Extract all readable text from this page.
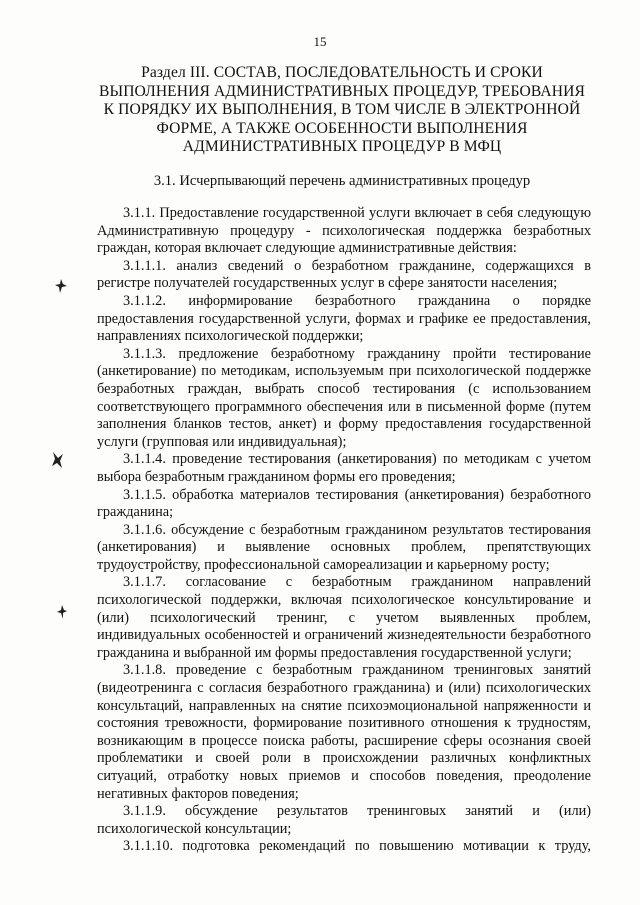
15
Раздел III. СОСТАВ, ПОСЛЕДОВАТЕЛЬНОСТЬ И СРОКИ ВЫПОЛНЕНИЯ АДМИНИСТРАТИВНЫХ ПРОЦЕДУР, ТРЕБОВАНИЯ К ПОРЯДКУ ИХ ВЫПОЛНЕНИЯ, В ТОМ ЧИСЛЕ В ЭЛЕКТРОННОЙ ФОРМЕ, А ТАКЖЕ ОСОБЕННОСТИ ВЫПОЛНЕНИЯ АДМИНИСТРАТИВНЫХ ПРОЦЕДУР В МФЦ
3.1. Исчерпывающий перечень административных процедур

3.1.1. Предоставление государственной услуги включает в себя следующую Административную процедуру - психологическая поддержка безработных граждан, которая включает следующие административные действия:

3.1.1.1. анализ сведений о безработном гражданине, содержащихся в регистре получателей государственных услуг в сфере занятости населения;

3.1.1.2. информирование безработного гражданина о порядке предоставления государственной услуги, формах и графике ее предоставления, направлениях психологической поддержки;

3.1.1.3. предложение безработному гражданину пройти тестирование (анкетирование) по методикам, используемым при психологической поддержке безработных граждан, выбрать способ тестирования (с использованием соответствующего программного обеспечения или в письменной форме (путем заполнения бланков тестов, анкет) и форму предоставления государственной услуги (групповая или индивидуальная);

3.1.1.4. проведение тестирования (анкетирования) по методикам с учетом выбора безработным гражданином формы его проведения;

3.1.1.5. обработка материалов тестирования (анкетирования) безработного гражданина;

3.1.1.6. обсуждение с безработным гражданином результатов тестирования (анкетирования) и выявление основных проблем, препятствующих трудоустройству, профессиональной самореализации и карьерному росту;

3.1.1.7. согласование с безработным гражданином направлений психологической поддержки, включая психологическое консультирование и (или) психологический тренинг, с учетом выявленных проблем, индивидуальных особенностей и ограничений жизнедеятельности безработного гражданина и выбранной им формы предоставления государственной услуги;

3.1.1.8. проведение с безработным гражданином тренинговых занятий (видеотренинга с согласия безработного гражданина) и (или) психологических консультаций, направленных на снятие психоэмоциональной напряженности и состояния тревожности, формирование позитивного отношения к трудностям, возникающим в процессе поиска работы, расширение сферы осознания своей проблематики и своей роли в происхождении различных конфликтных ситуаций, отработку новых приемов и способов поведения, преодоление негативных факторов поведения;

3.1.1.9. обсуждение результатов тренинговых занятий и (или) психологической консультации;

3.1.1.10. подготовка рекомендаций по повышению мотивации к труду,
